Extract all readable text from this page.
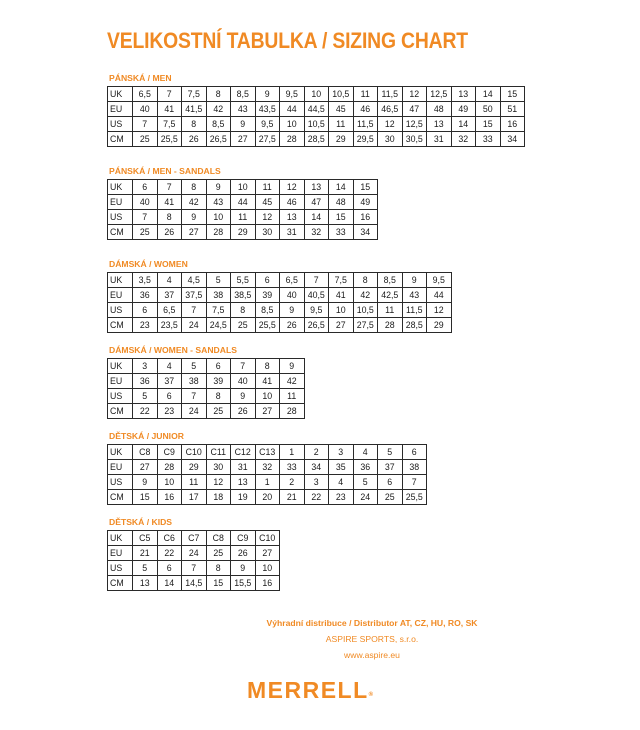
VELIKOSTNÍ TABULKA / SIZING CHART
PÁNSKÁ / MEN
UK	6,5	7	7,5	8	8,5	9	9,5	10	10,5	11	11,5	12	12,5	13	14	15
EU	40	41	41,5	42	43	43,5	44	44,5	45	46	46,5	47	48	49	50	51
US	7	7,5	8	8,5	9	9,5	10	10,5	11	11,5	12	12,5	13	14	15	16
CM	25	25,5	26	26,5	27	27,5	28	28,5	29	29,5	30	30,5	31	32	33	34
PÁNSKÁ / MEN - SANDALS
UK	6	7	8	9	10	11	12	13	14	15
EU	40	41	42	43	44	45	46	47	48	49
US	7	8	9	10	11	12	13	14	15	16
CM	25	26	27	28	29	30	31	32	33	34
DÁMSKÁ / WOMEN
UK	3,5	4	4,5	5	5,5	6	6,5	7	7,5	8	8,5	9	9,5
EU	36	37	37,5	38	38,5	39	40	40,5	41	42	42,5	43	44
US	6	6,5	7	7,5	8	8,5	9	9,5	10	10,5	11	11,5	12
CM	23	23,5	24	24,5	25	25,5	26	26,5	27	27,5	28	28,5	29
DÁMSKÁ / WOMEN - SANDALS
UK	3	4	5	6	7	8	9
EU	36	37	38	39	40	41	42
US	5	6	7	8	9	10	11
CM	22	23	24	25	26	27	28
DĚTSKÁ / JUNIOR
UK	C8	C9	C10	C11	C12	C13	1	2	3	4	5	6
EU	27	28	29	30	31	32	33	34	35	36	37	38
US	9	10	11	12	13	1	2	3	4	5	6	7
CM	15	16	17	18	19	20	21	22	23	24	25	25,5
DĚTSKÁ / KIDS
UK	C5	C6	C7	C8	C9	C10
EU	21	22	24	25	26	27
US	5	6	7	8	9	10
CM	13	14	14,5	15	15,5	16
Výhradní distribuce / Distributor AT, CZ, HU, RO, SK
ASPIRE SPORTS, s.r.o.
www.aspire.eu
MERRELL®
